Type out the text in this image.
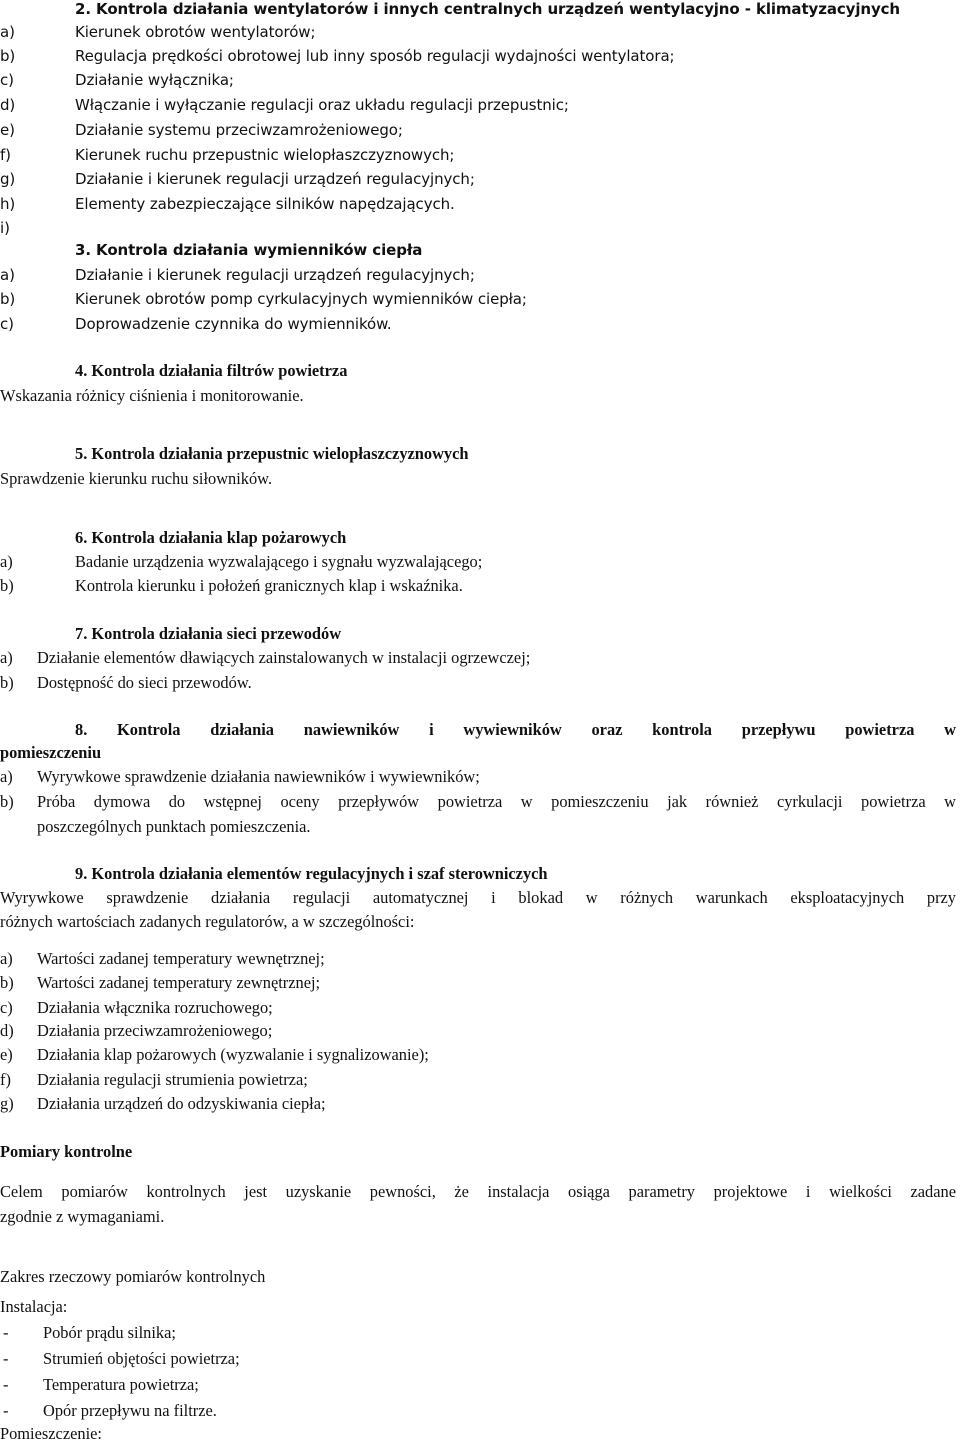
2. Kontrola działania wentylatorów i innych centralnych urządzeń wentylacyjno - klimatyzacyjnych
a)	Kierunek obrotów wentylatorów;
b)	Regulacja prędkości obrotowej lub inny sposób regulacji wydajności wentylatora;
c)	Działanie wyłącznika;
d)	Włączanie i wyłączanie regulacji oraz układu regulacji przepustnic;
e)	Działanie systemu przeciwzamrożeniowego;
f)	Kierunek ruchu przepustnic wielopłaszczyznowych;
g)	Działanie i kierunek regulacji urządzeń regulacyjnych;
h)	Elementy zabezpieczające silników napędzających.
i)
3. Kontrola działania wymienników ciepła
a)	Działanie i kierunek regulacji urządzeń regulacyjnych;
b)	Kierunek obrotów pomp cyrkulacyjnych wymienników ciepła;
c)	Doprowadzenie czynnika do wymienników.
4. Kontrola działania filtrów powietrza
Wskazania różnicy ciśnienia i monitorowanie.
5. Kontrola działania przepustnic wielopłaszczyznowych
Sprawdzenie kierunku ruchu siłowników.
6. Kontrola działania klap pożarowych
a)	Badanie urządzenia wyzwalającego i sygnału wyzwalającego;
b)	Kontrola kierunku i położeń granicznych klap i wskaźnika.
7. Kontrola działania sieci przewodów
a) Działanie elementów dławiących zainstalowanych w instalacji ogrzewczej;
b) Dostępność do sieci przewodów.
8. Kontrola działania nawiewników i wywiewników oraz kontrola przepływu powietrza w
pomieszczeniu
a) Wyrywkowe sprawdzenie działania nawiewników i wywiewników;
b) Próba dymowa do wstępnej oceny przepływów powietrza w pomieszczeniu jak również cyrkulacji powietrza w
poszczególnych punktach pomieszczenia.
9. Kontrola działania elementów regulacyjnych i szaf sterowniczych
Wyrywkowe sprawdzenie działania regulacji automatycznej i blokad w różnych warunkach eksploatacyjnych przy
różnych wartościach zadanych regulatorów, a w szczególności:
a) Wartości zadanej temperatury wewnętrznej;
b) Wartości zadanej temperatury zewnętrznej;
c) Działania włącznika rozruchowego;
d) Działania przeciwzamrożeniowego;
e) Działania klap pożarowych (wyzwalanie i sygnalizowanie);
f) Działania regulacji strumienia powietrza;
g) Działania urządzeń do odzyskiwania ciepła;
Pomiary kontrolne
Celem pomiarów kontrolnych jest uzyskanie pewności, że instalacja osiąga parametry projektowe i wielkości zadane
zgodnie z wymaganiami.
Zakres rzeczowy pomiarów kontrolnych
Instalacja:
- Pobór prądu silnika;
- Strumień objętości powietrza;
- Temperatura powietrza;
- Opór przepływu na filtrze.
Pomieszczenie:
